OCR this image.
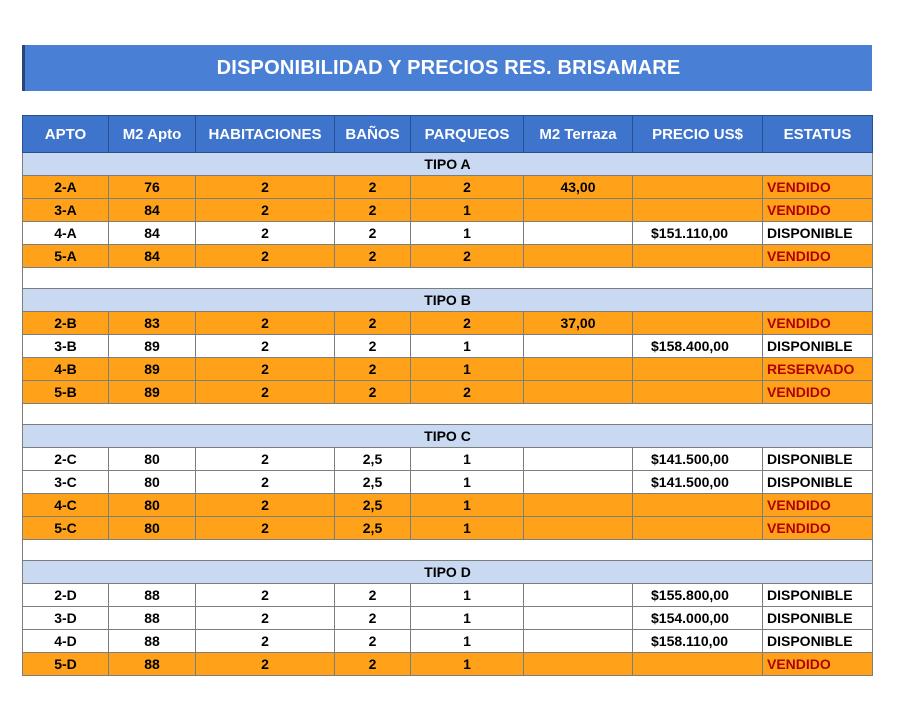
DISPONIBILIDAD Y PRECIOS RES. BRISAMARE
APTO	M2 Apto	HABITACIONES	BAÑOS	PARQUEOS	M2 Terraza	PRECIO US$	ESTATUS
TIPO A							
2-A	76	2	2	2	43,00		VENDIDO
3-A	84	2	2	1			VENDIDO
4-A	84	2	2	1		$151.110,00	DISPONIBLE
5-A	84	2	2	2			VENDIDO

TIPO B							
2-B	83	2	2	2	37,00		VENDIDO
3-B	89	2	2	1		$158.400,00	DISPONIBLE
4-B	89	2	2	1			RESERVADO
5-B	89	2	2	2			VENDIDO

TIPO C							
2-C	80	2	2,5	1		$141.500,00	DISPONIBLE
3-C	80	2	2,5	1		$141.500,00	DISPONIBLE
4-C	80	2	2,5	1			VENDIDO
5-C	80	2	2,5	1			VENDIDO

TIPO D							
2-D	88	2	2	1		$155.800,00	DISPONIBLE
3-D	88	2	2	1		$154.000,00	DISPONIBLE
4-D	88	2	2	1		$158.110,00	DISPONIBLE
5-D	88	2	2	1			VENDIDO
